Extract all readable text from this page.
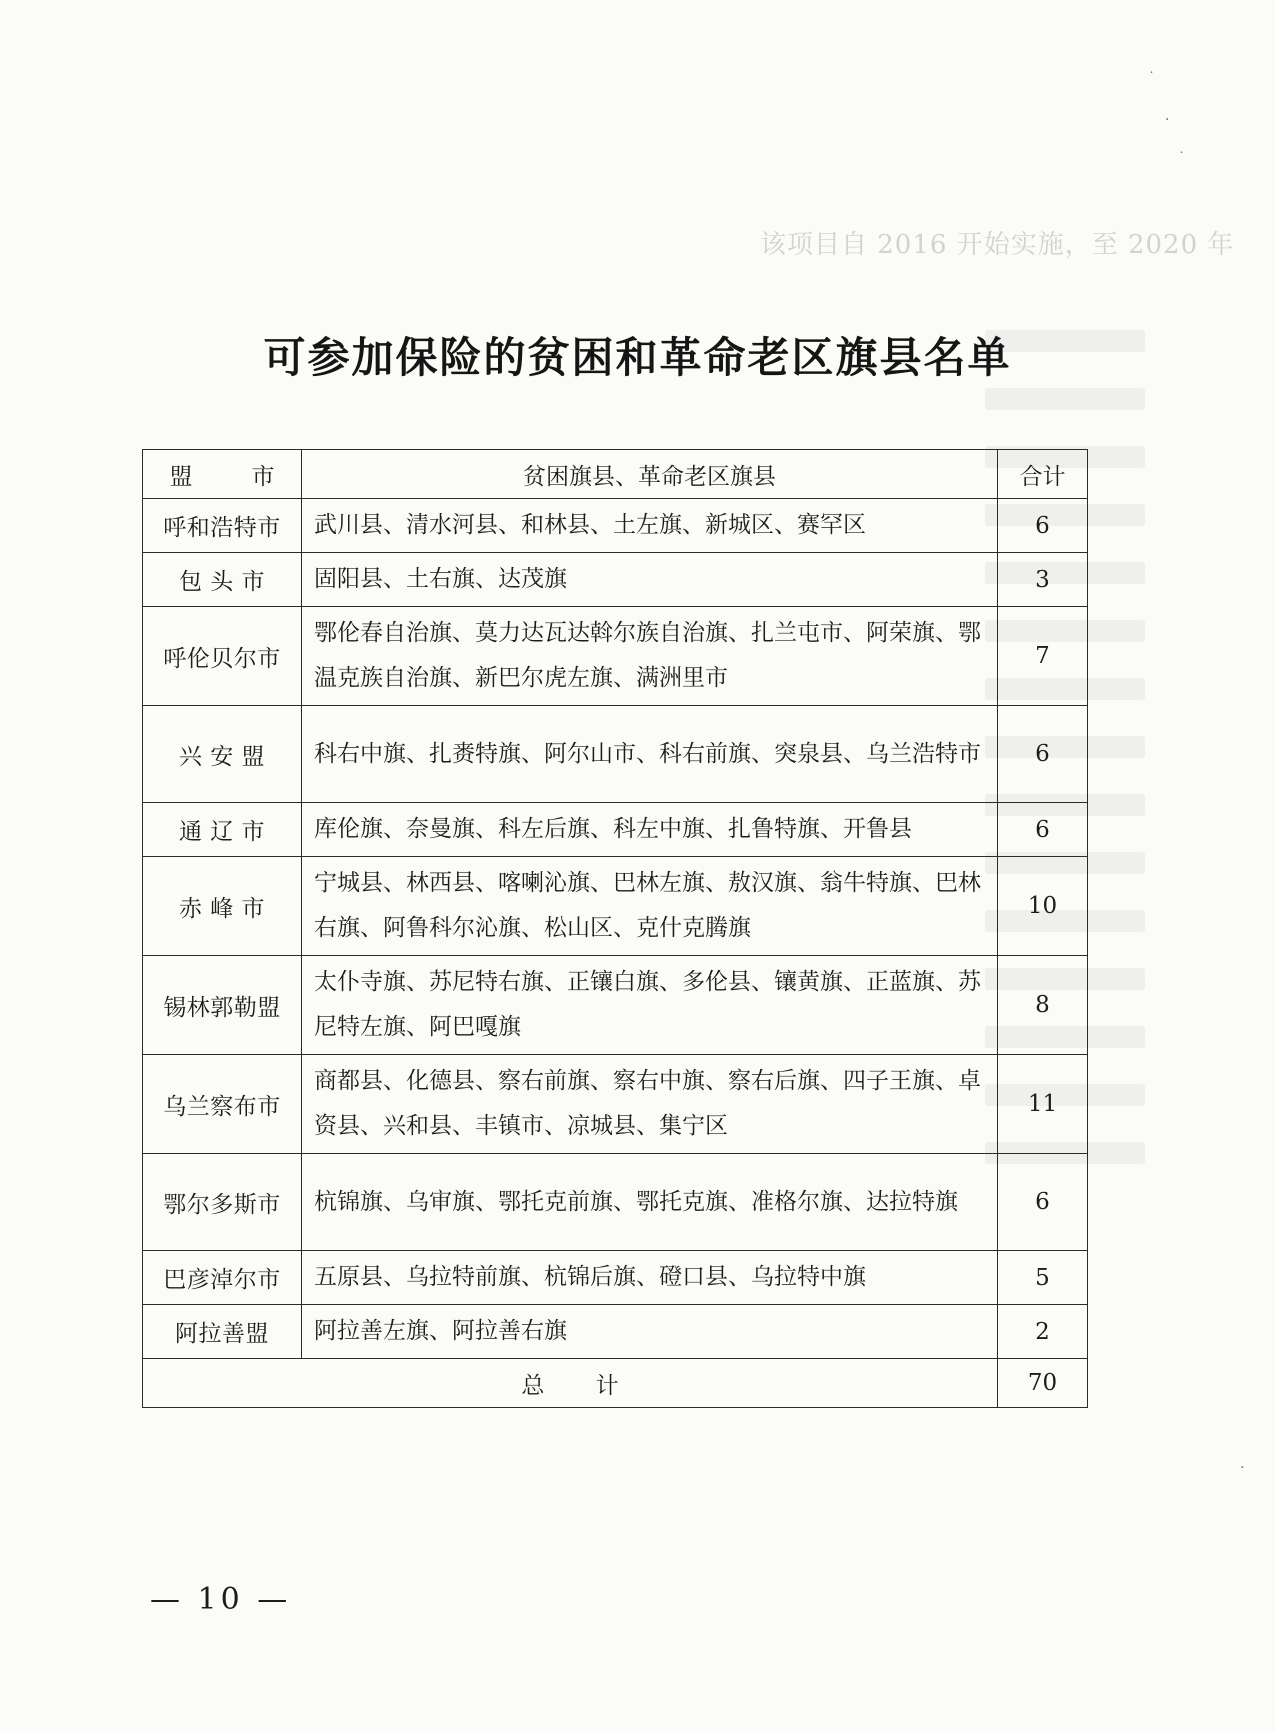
该项目自 2016 开始实施，至 2020 年
˙
·
˙
·
可参加保险的贫困和革命老区旗县名单
盟　市	贫困旗县、革命老区旗县	合计
呼和浩特市	武川县、清水河县、和林县、土左旗、新城区、赛罕区	6
包 头 市	固阳县、土右旗、达茂旗	3
呼伦贝尔市	鄂伦春自治旗、莫力达瓦达斡尔族自治旗、扎兰屯市、阿荣旗、鄂温克族自治旗、新巴尔虎左旗、满洲里市	7
兴 安 盟	科右中旗、扎赉特旗、阿尔山市、科右前旗、突泉县、乌兰浩特市	6
通 辽 市	库伦旗、奈曼旗、科左后旗、科左中旗、扎鲁特旗、开鲁县	6
赤 峰 市	宁城县、林西县、喀喇沁旗、巴林左旗、敖汉旗、翁牛特旗、巴林右旗、阿鲁科尔沁旗、松山区、克什克腾旗	10
锡林郭勒盟	太仆寺旗、苏尼特右旗、正镶白旗、多伦县、镶黄旗、正蓝旗、苏尼特左旗、阿巴嘎旗	8
乌兰察布市	商都县、化德县、察右前旗、察右中旗、察右后旗、四子王旗、卓资县、兴和县、丰镇市、凉城县、集宁区	11
鄂尔多斯市	杭锦旗、乌审旗、鄂托克前旗、鄂托克旗、准格尔旗、达拉特旗	6
巴彦淖尔市	五原县、乌拉特前旗、杭锦后旗、磴口县、乌拉特中旗	5
阿拉善盟	阿拉善左旗、阿拉善右旗	2
总 计		70
— 10 —
